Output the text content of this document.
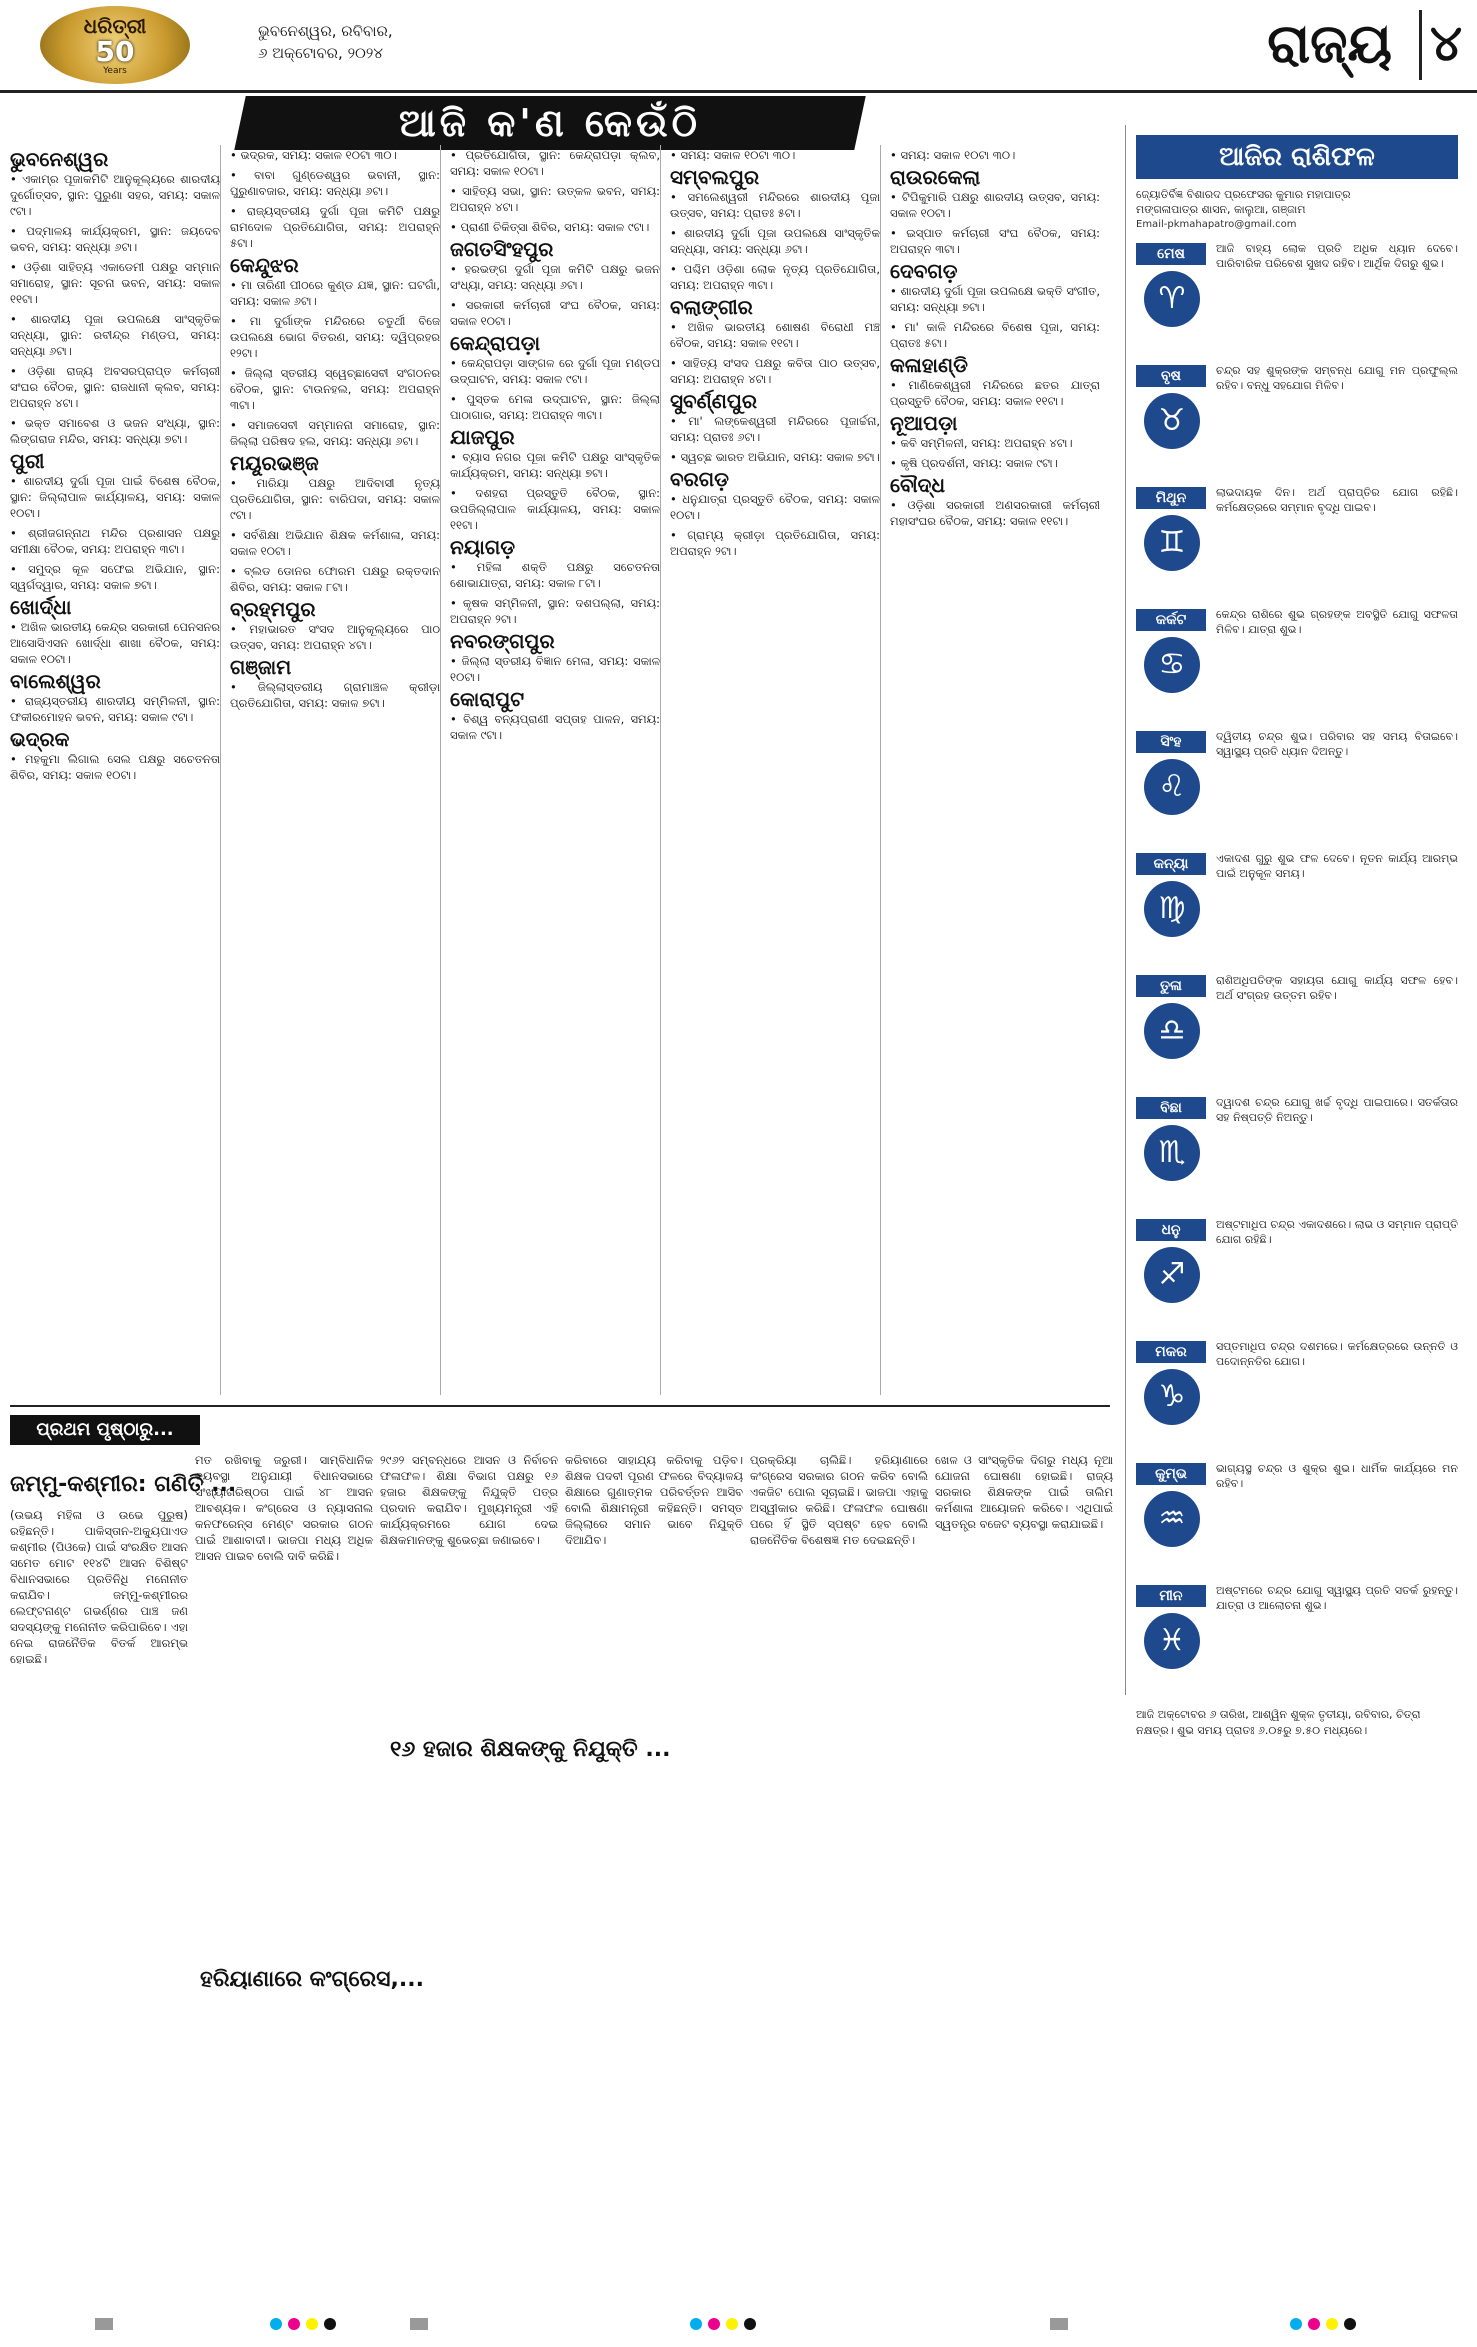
ଧରିତ୍ରୀ
50
Years
ଭୁବନେଶ୍ୱର, ରବିବାର,
୬ ଅକ୍ଟୋବର, ୨୦୨୪	ରାଜ୍ୟ ୪
ଆଜି କ'ଣ କେଉଁଠି
ଭୁବନେଶ୍ୱର
• ଏକାମ୍ର ପୂଜାକମିଟି ଆନୁକୂଲ୍ୟରେ ଶାରଦୀୟ ଦୁର୍ଗୋତ୍ସବ, ସ୍ଥାନ: ପୁରୁଣା ସହର, ସମୟ: ସକାଳ ୯ଟା।
• ପଦ୍ମାଳୟ କାର୍ଯ୍ୟକ୍ରମ, ସ୍ଥାନ: ଜୟଦେବ ଭବନ, ସମୟ: ସନ୍ଧ୍ୟା ୬ଟା।
• ଓଡ଼ିଶା ସାହିତ୍ୟ ଏକାଡେମୀ ପକ୍ଷରୁ ସମ୍ମାନ ସମାରୋହ, ସ୍ଥାନ: ସୂଚନା ଭବନ, ସମୟ: ସକାଳ ୧୧ଟା।
• ଶାରଦୀୟ ପୂଜା ଉପଲକ୍ଷେ ସାଂସ୍କୃତିକ ସନ୍ଧ୍ୟା, ସ୍ଥାନ: ରବୀନ୍ଦ୍ର ମଣ୍ଡପ, ସମୟ: ସନ୍ଧ୍ୟା ୬ଟା।
• ଓଡ଼ିଶା ରାଜ୍ୟ ଅବସରପ୍ରାପ୍ତ କର୍ମଚାରୀ ସଂଘର ବୈଠକ, ସ୍ଥାନ: ରାଜଧାନୀ କ୍ଲବ, ସମୟ: ଅପରାହ୍ନ ୪ଟା।
• ଭକ୍ତ ସମାବେଶ ଓ ଭଜନ ସଂଧ୍ୟା, ସ୍ଥାନ: ଲିଙ୍ଗରାଜ ମନ୍ଦିର, ସମୟ: ସନ୍ଧ୍ୟା ୭ଟା।
ପୁରୀ
• ଶାରଦୀୟ ଦୁର୍ଗା ପୂଜା ପାଇଁ ବିଶେଷ ବୈଠକ, ସ୍ଥାନ: ଜିଲ୍ଲାପାଳ କାର୍ଯ୍ୟାଳୟ, ସମୟ: ସକାଳ ୧୦ଟା।
• ଶ୍ରୀଜଗନ୍ନାଥ ମନ୍ଦିର ପ୍ରଶାସନ ପକ୍ଷରୁ ସମୀକ୍ଷା ବୈଠକ, ସମୟ: ଅପରାହ୍ନ ୩ଟା।
• ସମୁଦ୍ର କୂଳ ସଫେଇ ଅଭିଯାନ, ସ୍ଥାନ: ସ୍ୱର୍ଗଦ୍ୱାର, ସମୟ: ସକାଳ ୭ଟା।
ଖୋର୍ଦ୍ଧା
• ଅଖିଳ ଭାରତୀୟ କେନ୍ଦ୍ର ସରକାରୀ ପେନସନର ଆସୋସିଏସନ ଖୋର୍ଦ୍ଧା ଶାଖା ବୈଠକ, ସମୟ: ସକାଳ ୧୦ଟା।
ବାଲେଶ୍ୱର
• ରାଜ୍ୟସ୍ତରୀୟ ଶାରଦୀୟ ସମ୍ମିଳନୀ, ସ୍ଥାନ: ଫକୀରମୋହନ ଭବନ, ସମୟ: ସକାଳ ୯ଟା।
ଭଦ୍ରକ
• ମହକୁମା ଲିଗାଲ ସେଲ ପକ୍ଷରୁ ସଚେତନତା ଶିବିର, ସମୟ: ସକାଳ ୧୦ଟା।
• ଭଦ୍ରକ, ସମୟ: ସକାଳ ୧୦ଟା ୩୦।
• ବାବା ଗୁଣ୍ଡେଶ୍ୱର ଭବାନୀ, ସ୍ଥାନ: ପୁରୁଣାବଜାର, ସମୟ: ସନ୍ଧ୍ୟା ୬ଟା।
• ରାଜ୍ୟସ୍ତରୀୟ ଦୁର୍ଗା ପୂଜା କମିଟି ପକ୍ଷରୁ ରାମଦୋଳ ପ୍ରତିଯୋଗିତା, ସମୟ: ଅପରାହ୍ନ ୫ଟା।
କେନ୍ଦୁଝର
• ମା ତାରିଣୀ ପୀଠରେ କୁଣ୍ଡ ଯଜ୍ଞ, ସ୍ଥାନ: ଘଟଗାଁ, ସମୟ: ସକାଳ ୬ଟା।
• ମା ଦୁର୍ଗାଙ୍କ ମନ୍ଦିରରେ ଚତୁର୍ଥୀ ବିଜେ ଉପଲକ୍ଷେ ଭୋଗ ବିତରଣ, ସମୟ: ଦ୍ୱିପ୍ରହର ୧୨ଟା।
• ଜିଲ୍ଲା ସ୍ତରୀୟ ସ୍ୱେଚ୍ଛାସେବୀ ସଂଗଠନର ବୈଠକ, ସ୍ଥାନ: ଟାଉନହଲ, ସମୟ: ଅପରାହ୍ନ ୩ଟା।
• ସମାଜସେବୀ ସମ୍ମାନନା ସମାରୋହ, ସ୍ଥାନ: ଜିଲ୍ଲା ପରିଷଦ ହଲ, ସମୟ: ସନ୍ଧ୍ୟା ୬ଟା।
ମୟୂରଭଞ୍ଜ
• ମାରିୟା ପକ୍ଷରୁ ଆଦିବାସୀ ନୃତ୍ୟ ପ୍ରତିଯୋଗିତା, ସ୍ଥାନ: ବାରିପଦା, ସମୟ: ସକାଳ ୯ଟା।
• ସର୍ବଶିକ୍ଷା ଅଭିଯାନ ଶିକ୍ଷକ କର୍ମଶାଳା, ସମୟ: ସକାଳ ୧୦ଟା।
• ବ୍ଲଡ ଡୋନର ଫୋରମ ପକ୍ଷରୁ ରକ୍ତଦାନ ଶିବିର, ସମୟ: ସକାଳ ୮ଟା।
ବ୍ରହ୍ମପୁର
• ମହାଭାରତ ସଂସଦ ଆନୁକୂଲ୍ୟରେ ପାଠ ଉତ୍ସବ, ସମୟ: ଅପରାହ୍ନ ୪ଟା।
ଗଞ୍ଜାମ
• ଜିଲ୍ଲାସ୍ତରୀୟ ଗ୍ରାମାଞ୍ଚଳ କ୍ରୀଡ଼ା ପ୍ରତିଯୋଗିତା, ସମୟ: ସକାଳ ୭ଟା।
• ପ୍ରତିଯୋଗିତା, ସ୍ଥାନ: କେନ୍ଦ୍ରାପଡ଼ା କ୍ଲବ, ସମୟ: ସକାଳ ୧୦ଟା।
• ସାହିତ୍ୟ ସଭା, ସ୍ଥାନ: ଉତ୍କଳ ଭବନ, ସମୟ: ଅପରାହ୍ନ ୪ଟା।
• ପ୍ରାଣୀ ଚିକିତ୍ସା ଶିବିର, ସମୟ: ସକାଳ ୯ଟା।
ଜଗତସିଂହପୁର
• ହରଭଙ୍ଗ ଦୁର୍ଗା ପୂଜା କମିଟି ପକ୍ଷରୁ ଭଜନ ସଂଧ୍ୟା, ସମୟ: ସନ୍ଧ୍ୟା ୬ଟା।
• ସରକାରୀ କର୍ମଚାରୀ ସଂଘ ବୈଠକ, ସମୟ: ସକାଳ ୧୦ଟା।
କେନ୍ଦ୍ରାପଡ଼ା
• କେନ୍ଦ୍ରାପଡ଼ା ସାଙ୍ଗଳ ରେ ଦୁର୍ଗା ପୂଜା ମଣ୍ଡପ ଉଦ୍‌ଘାଟନ, ସମୟ: ସକାଳ ୯ଟା।
• ପୁସ୍ତକ ମେଳା ଉଦ୍‌ଘାଟନ, ସ୍ଥାନ: ଜିଲ୍ଲା ପାଠାଗାର, ସମୟ: ଅପରାହ୍ନ ୩ଟା।
ଯାଜପୁର
• ବ୍ୟାସ ନଗର ପୂଜା କମିଟି ପକ୍ଷରୁ ସାଂସ୍କୃତିକ କାର୍ଯ୍ୟକ୍ରମ, ସମୟ: ସନ୍ଧ୍ୟା ୭ଟା।
• ଦଶହରା ପ୍ରସ୍ତୁତି ବୈଠକ, ସ୍ଥାନ: ଉପଜିଲ୍ଲାପାଳ କାର୍ଯ୍ୟାଳୟ, ସମୟ: ସକାଳ ୧୧ଟା।
ନୟାଗଡ଼
• ମହିଳା ଶକ୍ତି ପକ୍ଷରୁ ସଚେତନତା ଶୋଭାଯାତ୍ରା, ସମୟ: ସକାଳ ୮ଟା।
• କୃଷକ ସମ୍ମିଳନୀ, ସ୍ଥାନ: ଦଶପଲ୍ଲା, ସମୟ: ଅପରାହ୍ନ ୨ଟା।
ନବରଙ୍ଗପୁର
• ଜିଲ୍ଲା ସ୍ତରୀୟ ବିଜ୍ଞାନ ମେଳା, ସମୟ: ସକାଳ ୧୦ଟା।
କୋରାପୁଟ
• ବିଶ୍ୱ ବନ୍ୟପ୍ରାଣୀ ସପ୍ତାହ ପାଳନ, ସମୟ: ସକାଳ ୯ଟା।
• ସମୟ: ସକାଳ ୧୦ଟା ୩୦।
ସମ୍ବଲପୁର
• ସମଲେଶ୍ୱରୀ ମନ୍ଦିରରେ ଶାରଦୀୟ ପୂଜା ଉତ୍ସବ, ସମୟ: ପ୍ରାତଃ ୫ଟା।
• ଶାରଦୀୟ ଦୁର୍ଗା ପୂଜା ଉପଲକ୍ଷେ ସାଂସ୍କୃତିକ ସନ୍ଧ୍ୟା, ସମୟ: ସନ୍ଧ୍ୟା ୬ଟା।
• ପଶ୍ଚିମ ଓଡ଼ିଶା ଲୋକ ନୃତ୍ୟ ପ୍ରତିଯୋଗିତା, ସମୟ: ଅପରାହ୍ନ ୩ଟା।
ବଲାଙ୍ଗୀର
• ଅଖିଳ ଭାରତୀୟ ଶୋଷଣ ବିରୋଧୀ ମଞ୍ଚ ବୈଠକ, ସମୟ: ସକାଳ ୧୧ଟା।
• ସାହିତ୍ୟ ସଂସଦ ପକ୍ଷରୁ କବିତା ପାଠ ଉତ୍ସବ, ସମୟ: ଅପରାହ୍ନ ୪ଟା।
ସୁବର୍ଣ୍ଣପୁର
• ମା' ଲଙ୍କେଶ୍ୱରୀ ମନ୍ଦିରରେ ପୂଜାର୍ଚ୍ଚନା, ସମୟ: ପ୍ରାତଃ ୬ଟା।
• ସ୍ୱଚ୍ଛ ଭାରତ ଅଭିଯାନ, ସମୟ: ସକାଳ ୭ଟା।
ବରଗଡ଼
• ଧନୁଯାତ୍ରା ପ୍ରସ୍ତୁତି ବୈଠକ, ସମୟ: ସକାଳ ୧୦ଟା।
• ଗ୍ରାମ୍ୟ କ୍ରୀଡ଼ା ପ୍ରତିଯୋଗିତା, ସମୟ: ଅପରାହ୍ନ ୨ଟା।
• ସମୟ: ସକାଳ ୧୦ଟା ୩୦।
ରାଉରକେଲା
• ଟିପିକୁମାରି ପକ୍ଷରୁ ଶାରଦୀୟ ଉତ୍ସବ, ସମୟ: ସକାଳ ୧୦ଟା।
• ଇସ୍ପାତ କର୍ମଚାରୀ ସଂଘ ବୈଠକ, ସମୟ: ଅପରାହ୍ନ ୩ଟା।
ଦେବଗଡ଼
• ଶାରଦୀୟ ଦୁର୍ଗା ପୂଜା ଉପଲକ୍ଷେ ଭକ୍ତି ସଂଗୀତ, ସମୟ: ସନ୍ଧ୍ୟା ୭ଟା।
• ମା' କାଳି ମନ୍ଦିରରେ ବିଶେଷ ପୂଜା, ସମୟ: ପ୍ରାତଃ ୫ଟା।
କଳାହାଣ୍ଡି
• ମାଣିକେଶ୍ୱରୀ ମନ୍ଦିରରେ ଛତର ଯାତ୍ରା ପ୍ରସ୍ତୁତି ବୈଠକ, ସମୟ: ସକାଳ ୧୧ଟା।
ନୂଆପଡ଼ା
• କବି ସମ୍ମିଳନୀ, ସମୟ: ଅପରାହ୍ନ ୪ଟା।
• କୃଷି ପ୍ରଦର୍ଶନୀ, ସମୟ: ସକାଳ ୯ଟା।
ବୌଦ୍ଧ
• ଓଡ଼ିଶା ସରକାରୀ ଅଣସରକାରୀ କର୍ମଚାରୀ ମହାସଂଘର ବୈଠକ, ସମୟ: ସକାଳ ୧୧ଟା।
ଆଜିର ରାଶିଫଳ
ଜ୍ୟୋତିର୍ବିଜ୍ଞ ବିଶାରଦ ପ୍ରଫେସର କୁମାର ମହାପାତ୍ର
ମଙ୍ଗଳାପାତ୍ର ଶାସନ, କାଲୁଆ, ଗଞ୍ଜାମ
Email-pkmahapatro@gmail.com
ମେଷ
♈
ଆଜି ବାହ୍ୟ ଲୋକ ପ୍ରତି ଅଧିକ ଧ୍ୟାନ ଦେବେ। ପାରିବାରିକ ପରିବେଶ ସୁଖଦ ରହିବ। ଆର୍ଥିକ ଦିଗରୁ ଶୁଭ।
ବୃଷ
♉
ଚନ୍ଦ୍ର ସହ ଶୁକ୍ରଙ୍କ ସମ୍ବନ୍ଧ ଯୋଗୁ ମନ ପ୍ରଫୁଲ୍ଲ ରହିବ। ବନ୍ଧୁ ସହଯୋଗ ମିଳିବ।
ମିଥୁନ
♊
ଲାଭଦାୟକ ଦିନ। ଅର୍ଥ ପ୍ରାପ୍ତିର ଯୋଗ ରହିଛି। କର୍ମକ୍ଷେତ୍ରରେ ସମ୍ମାନ ବୃଦ୍ଧି ପାଇବ।
କର୍କଟ
♋
କେନ୍ଦ୍ର ରାଶିରେ ଶୁଭ ଗ୍ରହଙ୍କ ଅବସ୍ଥିତି ଯୋଗୁ ସଫଳତା ମିଳିବ। ଯାତ୍ରା ଶୁଭ।
ସିଂହ
♌
ଦ୍ୱିତୀୟ ଚନ୍ଦ୍ର ଶୁଭ। ପରିବାର ସହ ସମୟ ବିତାଇବେ। ସ୍ୱାସ୍ଥ୍ୟ ପ୍ରତି ଧ୍ୟାନ ଦିଅନ୍ତୁ।
କନ୍ୟା
♍
ଏକାଦଶ ଗୁରୁ ଶୁଭ ଫଳ ଦେବେ। ନୂତନ କାର୍ଯ୍ୟ ଆରମ୍ଭ ପାଇଁ ଅନୁକୂଳ ସମୟ।
ତୁଳା
♎
ରାଶିଅଧିପତିଙ୍କ ସହାୟତା ଯୋଗୁ କାର୍ଯ୍ୟ ସଫଳ ହେବ। ଅର୍ଥ ସଂଗ୍ରହ ଉତ୍ତମ ରହିବ।
ବିଛା
♏
ଦ୍ୱାଦଶ ଚନ୍ଦ୍ର ଯୋଗୁ ଖର୍ଚ୍ଚ ବୃଦ୍ଧି ପାଇପାରେ। ସତର୍କତାର ସହ ନିଷ୍ପତ୍ତି ନିଅନ୍ତୁ।
ଧନୁ
♐
ଅଷ୍ଟମାଧିପ ଚନ୍ଦ୍ର ଏକାଦଶରେ। ଲାଭ ଓ ସମ୍ମାନ ପ୍ରାପ୍ତି ଯୋଗ ରହିଛି।
ମକର
♑
ସପ୍ତମାଧିପ ଚନ୍ଦ୍ର ଦଶମରେ। କର୍ମକ୍ଷେତ୍ରରେ ଉନ୍ନତି ଓ ପଦୋନ୍ନତିର ଯୋଗ।
କୁମ୍ଭ
♒
ଭାଗ୍ୟସ୍ଥ ଚନ୍ଦ୍ର ଓ ଶୁକ୍ର ଶୁଭ। ଧାର୍ମିକ କାର୍ଯ୍ୟରେ ମନ ରହିବ।
ମୀନ
♓
ଅଷ୍ଟମରେ ଚନ୍ଦ୍ର ଯୋଗୁ ସ୍ୱାସ୍ଥ୍ୟ ପ୍ରତି ସତର୍କ ରୁହନ୍ତୁ। ଯାତ୍ରା ଓ ଆଲୋଚନା ଶୁଭ।
ଆଜି ଅକ୍ଟୋବର ୬ ତାରିଖ, ଆଶ୍ୱିନ ଶୁକ୍ଳ ତୃତୀୟା, ରବିବାର, ଚିତ୍ରା ନକ୍ଷତ୍ର। ଶୁଭ ସମୟ ପ୍ରାତଃ ୬.୦୫ରୁ ୭.୫୦ ମଧ୍ୟରେ।
ପ୍ରଥମ ପୃଷ୍ଠାରୁ...
ଜମ୍ମୁ-କଶ୍ମୀର: ଗଣିତି ...
୧୬ ହଜାର ଶିକ୍ଷକଙ୍କୁ ନିଯୁକ୍ତି ...
ହରିୟାଣାରେ କଂଗ୍ରେସ,...
(ଉଭୟ ମହିଳା ଓ ଉଭେ ପୁରୁଷ) ରହିଛନ୍ତି। ପାକିସ୍ତାନ-ଅକ୍ୟୁପାଏଡ କଶ୍ମୀର (ପିଓକେ) ପାଇଁ ସଂରକ୍ଷିତ ଆସନ ସମେତ ମୋଟ ୧୧୪ଟି ଆସନ ବିଶିଷ୍ଟ ବିଧାନସଭାରେ ପ୍ରତିନିଧି ମନୋନୀତ କରାଯିବ। ଜମ୍ମୁ-କଶ୍ମୀରର ଲେଫ୍ଟନାଣ୍ଟ ଗଭର୍ଣ୍ଣର ପାଞ୍ଚ ଜଣ ସଦସ୍ୟଙ୍କୁ ମନୋନୀତ କରିପାରିବେ। ଏହା ନେଇ ରାଜନୈତିକ ବିତର୍କ ଆରମ୍ଭ ହୋଇଛି।
ମତ ରଖିବାକୁ ଜରୁରୀ। ସାମ୍ବିଧାନିକ ବ୍ୟବସ୍ଥା ଅନୁଯାୟୀ ବିଧାନସଭାରେ ସଂଖ୍ୟାଗରିଷ୍ଠତା ପାଇଁ ୪୮ ଆସନ ଆବଶ୍ୟକ। କଂଗ୍ରେସ ଓ ନ୍ୟାସନାଲ କନଫରେନ୍ସ ମେଣ୍ଟ ସରକାର ଗଠନ ପାଇଁ ଆଶାବାଦୀ। ଭାଜପା ମଧ୍ୟ ଅଧିକ ଆସନ ପାଇବ ବୋଲି ଦାବି କରିଛି।
୨୯୬୨ ସମ୍ବନ୍ଧରେ ଆସନ ଓ ନିର୍ବାଚନ ଫଳାଫଳ। ଶିକ୍ଷା ବିଭାଗ ପକ୍ଷରୁ ୧୬ ହଜାର ଶିକ୍ଷକଙ୍କୁ ନିଯୁକ୍ତି ପତ୍ର ପ୍ରଦାନ କରାଯିବ। ମୁଖ୍ୟମନ୍ତ୍ରୀ ଏହି କାର୍ଯ୍ୟକ୍ରମରେ ଯୋଗ ଦେଇ ଶିକ୍ଷକମାନଙ୍କୁ ଶୁଭେଚ୍ଛା ଜଣାଇବେ।
କରିବାରେ ସାହାଯ୍ୟ କରିବାକୁ ପଡ଼ିବ। ଶିକ୍ଷକ ପଦବୀ ପୂରଣ ଫଳରେ ବିଦ୍ୟାଳୟ ଶିକ୍ଷାରେ ଗୁଣାତ୍ମକ ପରିବର୍ତ୍ତନ ଆସିବ ବୋଲି ଶିକ୍ଷାମନ୍ତ୍ରୀ କହିଛନ୍ତି। ସମସ୍ତ ଜିଲ୍ଲାରେ ସମାନ ଭାବେ ନିଯୁକ୍ତି ଦିଆଯିବ।
ପ୍ରକ୍ରିୟା ଚାଲିଛି। ହରିୟାଣାରେ କଂଗ୍ରେସ ସରକାର ଗଠନ କରିବ ବୋଲି ଏକଜିଟ ପୋଲ ସୂଚାଇଛି। ଭାଜପା ଏହାକୁ ଅସ୍ୱୀକାର କରିଛି। ଫଳାଫଳ ଘୋଷଣା ପରେ ହିଁ ସ୍ଥିତି ସ୍ପଷ୍ଟ ହେବ ବୋଲି ରାଜନୈତିକ ବିଶେଷଜ୍ଞ ମତ ଦେଇଛନ୍ତି।
ଖେଳ ଓ ସାଂସ୍କୃତିକ ଦିଗରୁ ମଧ୍ୟ ନୂଆ ଯୋଜନା ଘୋଷଣା ହୋଇଛି। ରାଜ୍ୟ ସରକାର ଶିକ୍ଷକଙ୍କ ପାଇଁ ତାଲିମ କର୍ମଶାଳା ଆୟୋଜନ କରିବେ। ଏଥିପାଇଁ ସ୍ୱତନ୍ତ୍ର ବଜେଟ ବ୍ୟବସ୍ଥା କରାଯାଇଛି।
